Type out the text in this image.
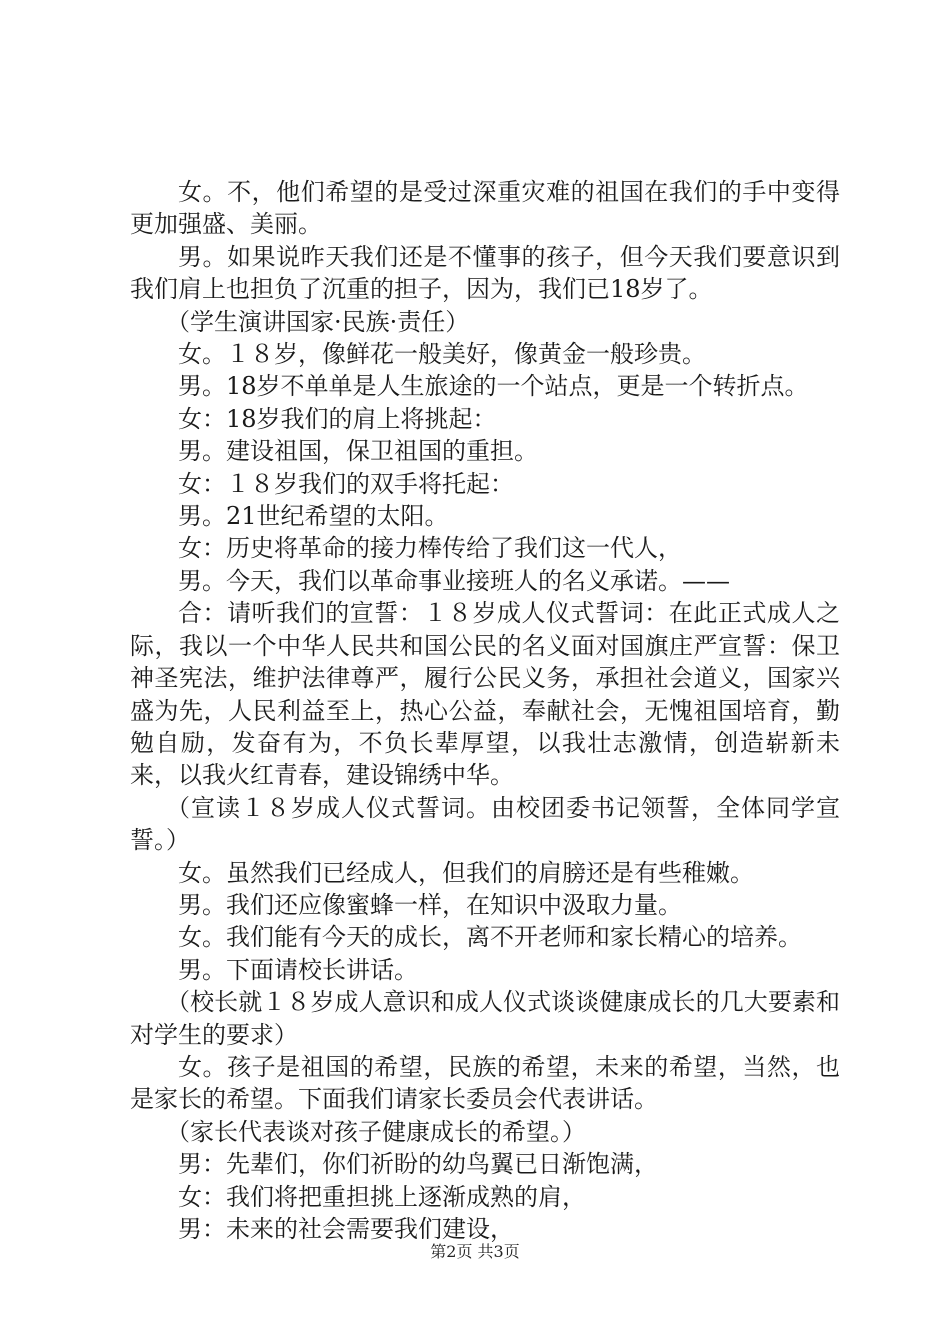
女。不，他们希望的是受过深重灾难的祖国在我们的手中变得更加强盛、美丽。

男。如果说昨天我们还是不懂事的孩子，但今天我们要意识到我们肩上也担负了沉重的担子，因为，我们已18岁了。

（学生演讲国家·民族·责任）

女。１８岁，像鲜花一般美好，像黄金一般珍贵。

男。18岁不单单是人生旅途的一个站点，更是一个转折点。

女：18岁我们的肩上将挑起：

男。建设祖国，保卫祖国的重担。

女：１８岁我们的双手将托起：

男。21世纪希望的太阳。

女：历史将革命的接力棒传给了我们这一代人，

男。今天，我们以革命事业接班人的名义承诺。——

合：请听我们的宣誓：１８岁成人仪式誓词：在此正式成人之际，我以一个中华人民共和国公民的名义面对国旗庄严宣誓：保卫神圣宪法，维护法律尊严，履行公民义务，承担社会道义，国家兴盛为先，人民利益至上，热心公益，奉献社会，无愧祖国培育，勤勉自励，发奋有为，不负长辈厚望，以我壮志激情，创造崭新未来，以我火红青春，建设锦绣中华。

（宣读１８岁成人仪式誓词。由校团委书记领誓，全体同学宣誓。）

女。虽然我们已经成人，但我们的肩膀还是有些稚嫩。

男。我们还应像蜜蜂一样，在知识中汲取力量。

女。我们能有今天的成长，离不开老师和家长精心的培养。

男。下面请校长讲话。

（校长就１８岁成人意识和成人仪式谈谈健康成长的几大要素和对学生的要求）

女。孩子是祖国的希望，民族的希望，未来的希望，当然，也是家长的希望。下面我们请家长委员会代表讲话。

（家长代表谈对孩子健康成长的希望。）

男：先辈们，你们祈盼的幼鸟翼已日渐饱满，

女：我们将把重担挑上逐渐成熟的肩，

男：未来的社会需要我们建设，

第2页 共3页
